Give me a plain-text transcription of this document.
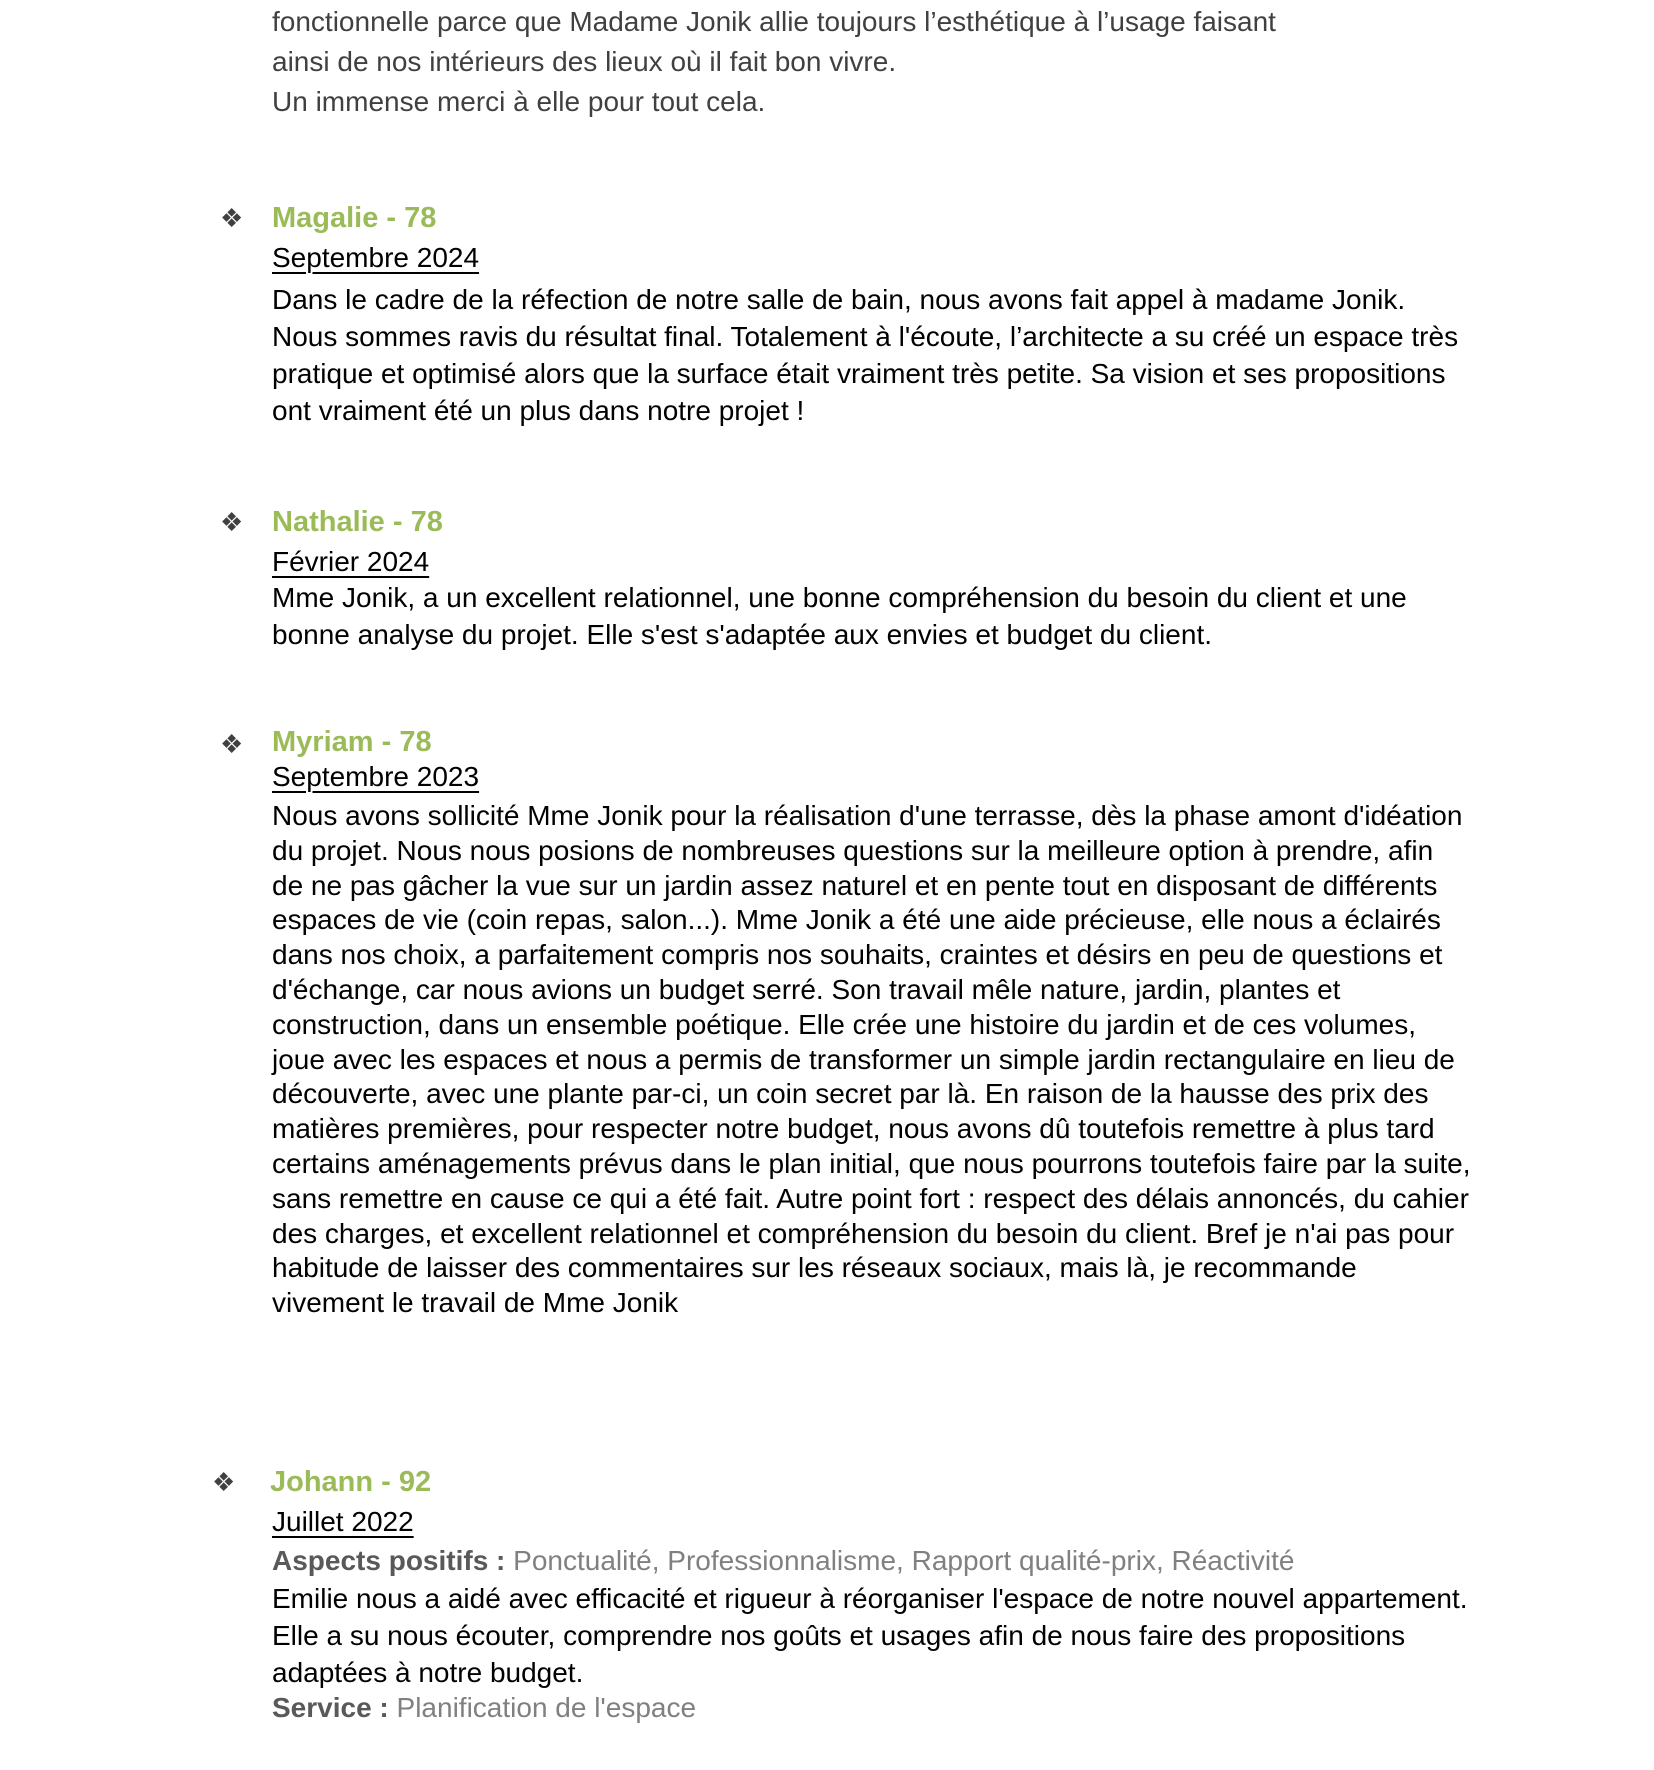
fonctionnelle parce que Madame Jonik allie toujours l’esthétique à l’usage faisant

ainsi de nos intérieurs des lieux où il fait bon vivre.

Un immense merci à elle pour tout cela.

❖ Magalie - 78

Septembre 2024

Dans le cadre de la réfection de notre salle de bain, nous avons fait appel à madame Jonik. Nous sommes ravis du résultat final. Totalement à l'écoute, l’architecte a su créé un espace très pratique et optimisé alors que la surface était vraiment très petite. Sa vision et ses propositions ont vraiment été un plus dans notre projet !

❖ Nathalie - 78

Février 2024

Mme Jonik, a un excellent relationnel, une bonne compréhension du besoin du client et une bonne analyse du projet. Elle s'est s'adaptée aux envies et budget du client.

❖ Myriam - 78

Septembre 2023

Nous avons sollicité Mme Jonik pour la réalisation d'une terrasse, dès la phase amont d'idéation du projet. Nous nous posions de nombreuses questions sur la meilleure option à prendre, afin de ne pas gâcher la vue sur un jardin assez naturel et en pente tout en disposant de différents espaces de vie (coin repas, salon...). Mme Jonik a été une aide précieuse, elle nous a éclairés dans nos choix, a parfaitement compris nos souhaits, craintes et désirs en peu de questions et d'échange, car nous avions un budget serré. Son travail mêle nature, jardin, plantes et construction, dans un ensemble poétique. Elle crée une histoire du jardin et de ces volumes, joue avec les espaces et nous a permis de transformer un simple jardin rectangulaire en lieu de découverte, avec une plante par-ci, un coin secret par là. En raison de la hausse des prix des matières premières, pour respecter notre budget, nous avons dû toutefois remettre à plus tard certains aménagements prévus dans le plan initial, que nous pourrons toutefois faire par la suite, sans remettre en cause ce qui a été fait. Autre point fort : respect des délais annoncés, du cahier des charges, et excellent relationnel et compréhension du besoin du client. Bref je n'ai pas pour habitude de laisser des commentaires sur les réseaux sociaux, mais là, je recommande vivement le travail de Mme Jonik

❖ Johann - 92

Juillet 2022

Aspects positifs : Ponctualité, Professionnalisme, Rapport qualité-prix, Réactivité

Emilie nous a aidé avec efficacité et rigueur à réorganiser l'espace de notre nouvel appartement. Elle a su nous écouter, comprendre nos goûts et usages afin de nous faire des propositions adaptées à notre budget.

Service : Planification de l'espace
